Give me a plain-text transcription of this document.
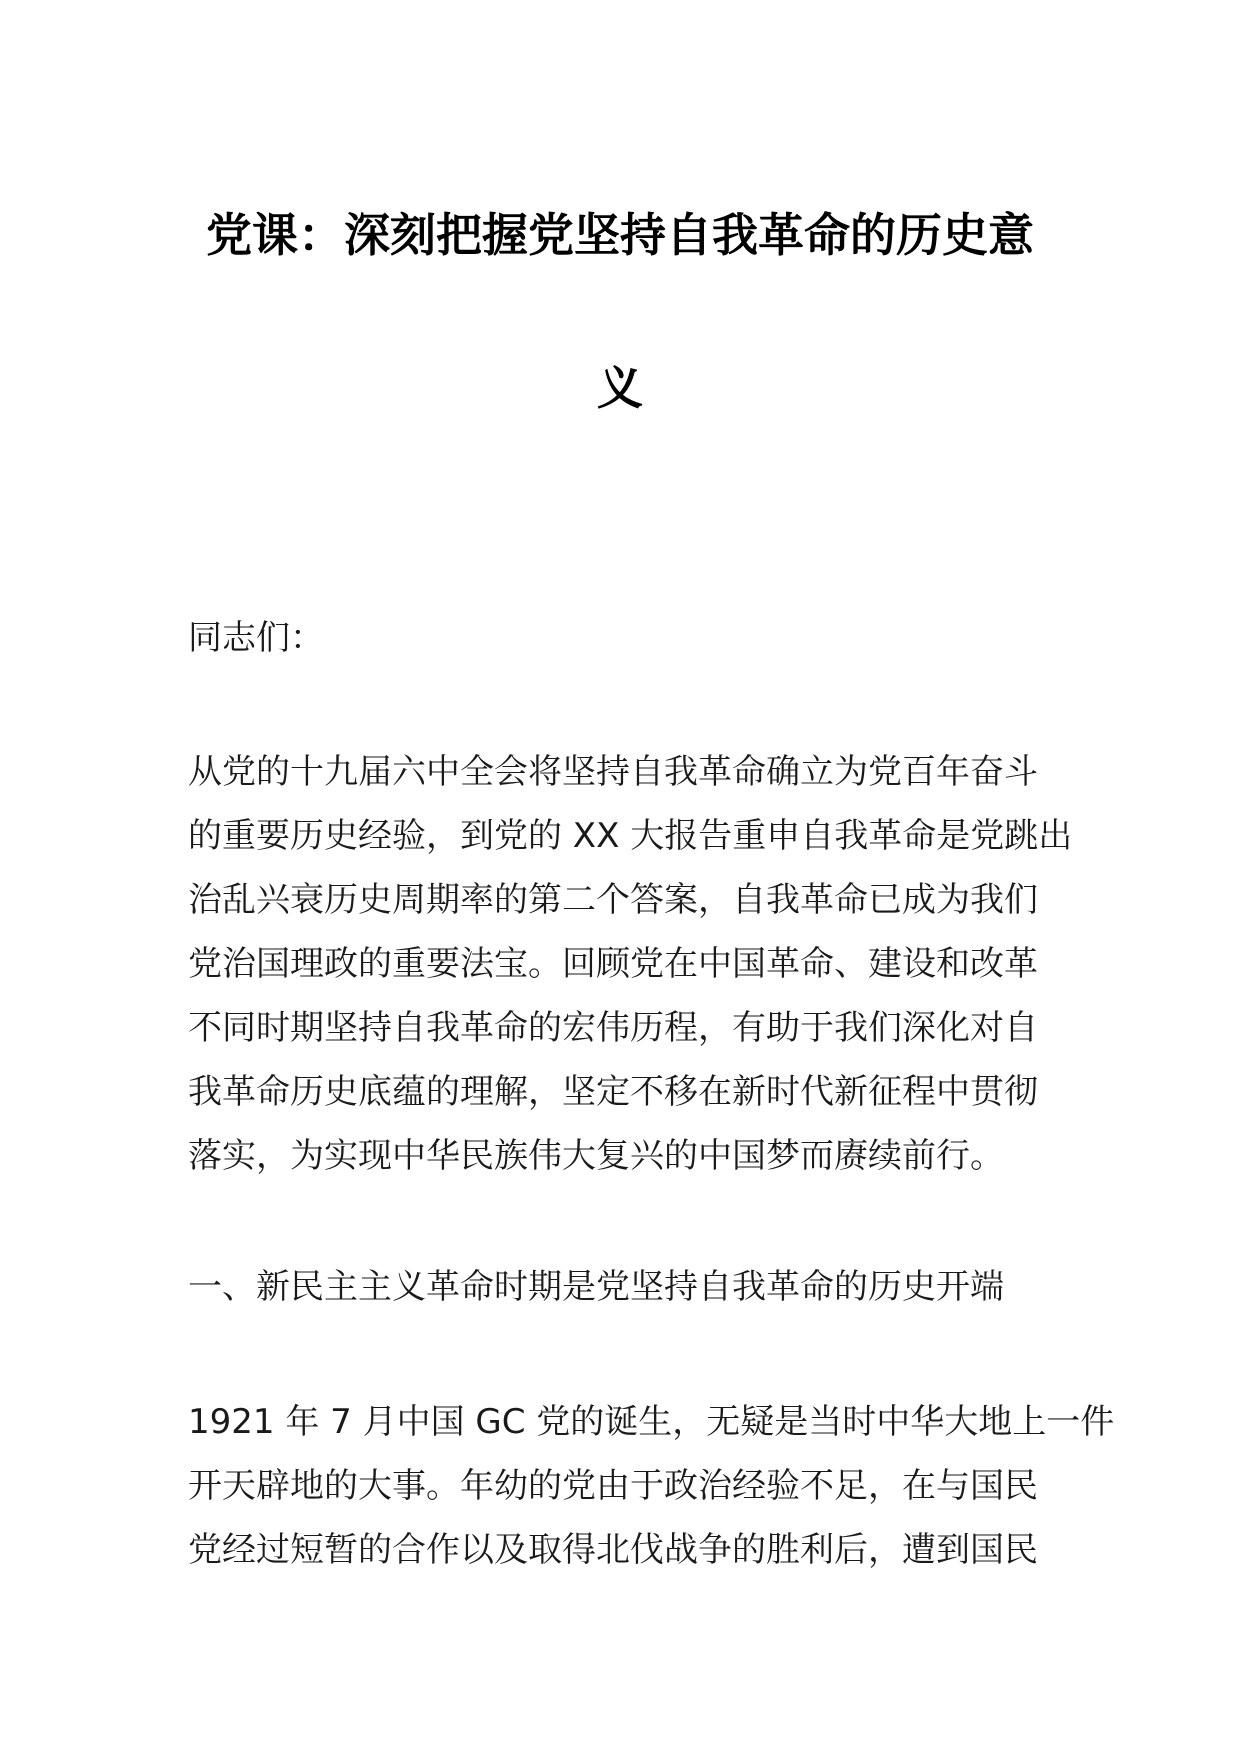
党课：深刻把握党坚持自我革命的历史意
义
同志们：
从党的十九届六中全会将坚持自我革命确立为党百年奋斗
的重要历史经验，到党的 XX 大报告重申自我革命是党跳出
治乱兴衰历史周期率的第二个答案，自我革命已成为我们
党治国理政的重要法宝。回顾党在中国革命、建设和改革
不同时期坚持自我革命的宏伟历程，有助于我们深化对自
我革命历史底蕴的理解，坚定不移在新时代新征程中贯彻
落实，为实现中华民族伟大复兴的中国梦而赓续前行。
一、新民主主义革命时期是党坚持自我革命的历史开端
1921 年 7 月中国 GC 党的诞生，无疑是当时中华大地上一件
开天辟地的大事。年幼的党由于政治经验不足，在与国民
党经过短暂的合作以及取得北伐战争的胜利后，遭到国民
